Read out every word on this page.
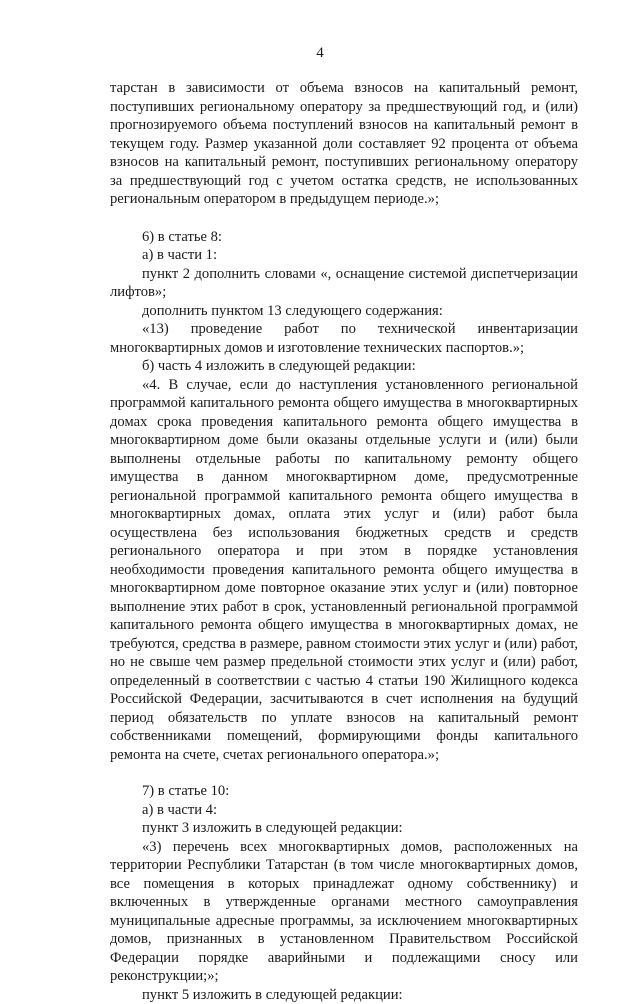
4

тарстан в зависимости от объема взносов на капитальный ремонт, поступивших региональному оператору за предшествующий год, и (или) прогнозируемого объема поступлений взносов на капитальный ремонт в текущем году. Размер указанной доли составляет 92 процента от объема взносов на капитальный ремонт, поступивших региональному оператору за предшествующий год с учетом остатка средств, не использованных региональным оператором в предыдущем периоде.»;

6) в статье 8:

а) в части 1:

пункт 2 дополнить словами «, оснащение системой диспетчеризации лифтов»;

дополнить пунктом 13 следующего содержания:

«13) проведение работ по технической инвентаризации многоквартирных домов и изготовление технических паспортов.»;

б) часть 4 изложить в следующей редакции:

«4. В случае, если до наступления установленного региональной программой капитального ремонта общего имущества в многоквартирных домах срока проведения капитального ремонта общего имущества в многоквартирном доме были оказаны отдельные услуги и (или) были выполнены отдельные работы по капитальному ремонту общего имущества в данном многоквартирном доме, предусмотренные региональной программой капитального ремонта общего имущества в многоквартирных домах, оплата этих услуг и (или) работ была осуществлена без использования бюджетных средств и средств регионального оператора и при этом в порядке установления необходимости проведения капитального ремонта общего имущества в многоквартирном доме повторное оказание этих услуг и (или) повторное выполнение этих работ в срок, установленный региональной программой капитального ремонта общего имущества в многоквартирных домах, не требуются, средства в размере, равном стоимости этих услуг и (или) работ, но не свыше чем размер предельной стоимости этих услуг и (или) работ, определенный в соответствии с частью 4 статьи 190 Жилищного кодекса Российской Федерации, засчитываются в счет исполнения на будущий период обязательств по уплате взносов на капитальный ремонт собственниками помещений, формирующими фонды капитального ремонта на счете, счетах регионального оператора.»;

7) в статье 10:

а) в части 4:

пункт 3 изложить в следующей редакции:

«3) перечень всех многоквартирных домов, расположенных на территории Республики Татарстан (в том числе многоквартирных домов, все помещения в которых принадлежат одному собственнику) и включенных в утвержденные органами местного самоуправления муниципальные адресные программы, за исключением многоквартирных домов, признанных в установленном Правительством Российской Федерации порядке аварийными и подлежащими сносу или реконструкции;»;

пункт 5 изложить в следующей редакции:
